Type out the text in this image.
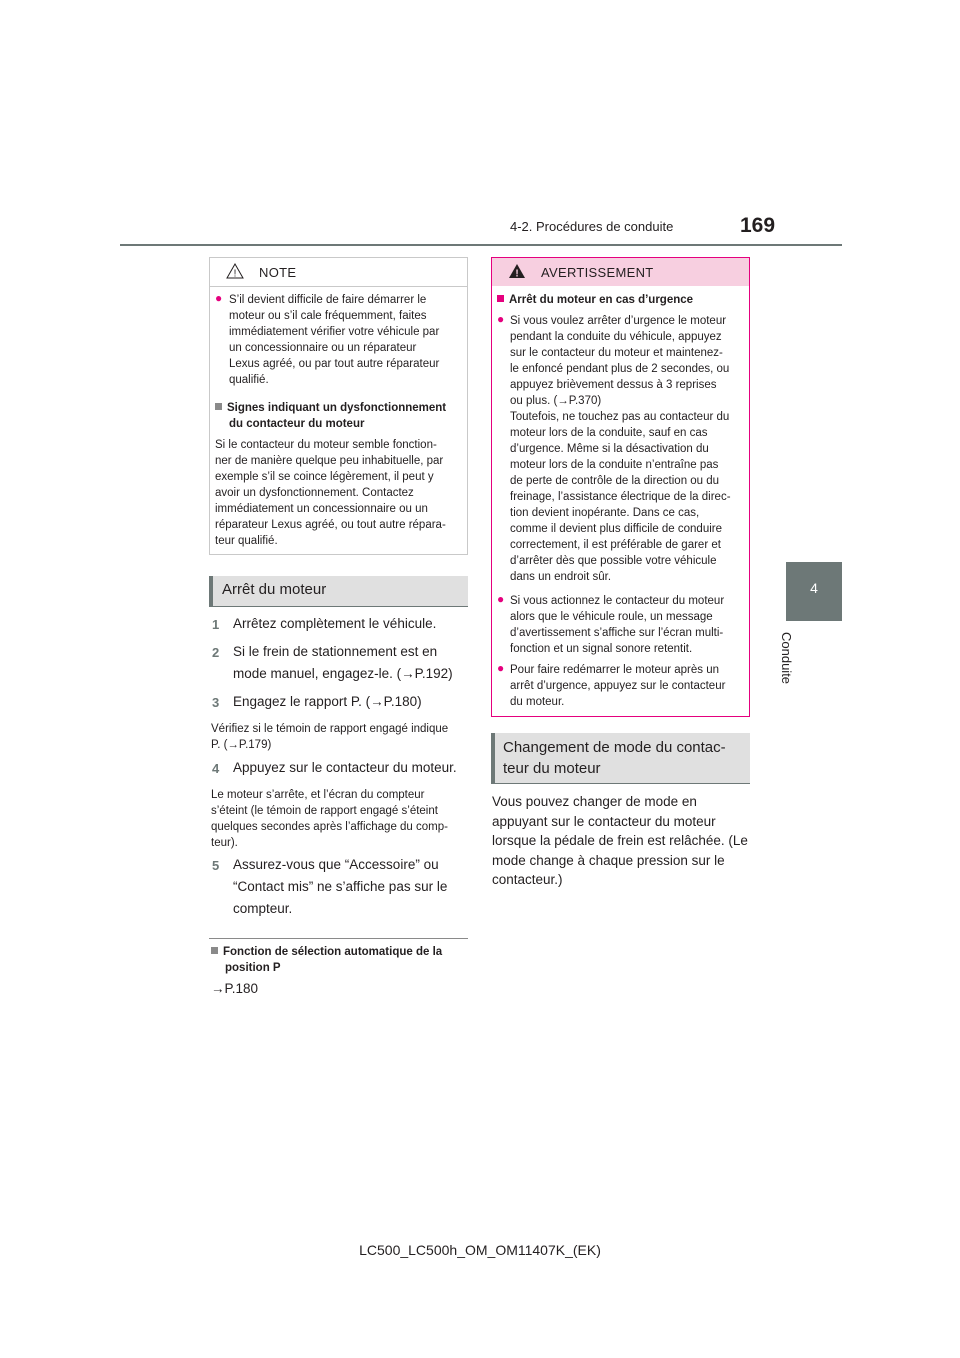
4-2. Procédures de conduite	169
4
Conduite
! NOTE
● S’il devient difficile de faire démarrer le
moteur ou s’il cale fréquemment, faites
immédiatement vérifier votre véhicule par
un concessionnaire ou un réparateur
Lexus agréé, ou par tout autre réparateur
qualifié.
Signes indiquant un dysfonctionnement
du contacteur du moteur
Si le contacteur du moteur semble fonction-
ner de manière quelque peu inhabituelle, par
exemple s’il se coince légèrement, il peut y
avoir un dysfonctionnement. Contactez
immédiatement un concessionnaire ou un
réparateur Lexus agréé, ou tout autre répara-
teur qualifié.
Arrêt du moteur
1 Arrêtez complètement le véhicule.
2 Si le frein de stationnement est en
mode manuel, engagez-le. (→P.192)
3 Engagez le rapport P. (→P.180)
Vérifiez si le témoin de rapport engagé indique
P. (→P.179)
4 Appuyez sur le contacteur du moteur.
Le moteur s’arrête, et l’écran du compteur
s’éteint (le témoin de rapport engagé s’éteint
quelques secondes après l’affichage du comp-
teur).
5 Assurez-vous que “Accessoire” ou
“Contact mis” ne s’affiche pas sur le
compteur.
Fonction de sélection automatique de la
position P
→P.180
! AVERTISSEMENT
Arrêt du moteur en cas d’urgence
● Si vous voulez arrêter d’urgence le moteur
pendant la conduite du véhicule, appuyez
sur le contacteur du moteur et maintenez-
le enfoncé pendant plus de 2 secondes, ou
appuyez brièvement dessus à 3 reprises
ou plus. (→P.370)
Toutefois, ne touchez pas au contacteur du
moteur lors de la conduite, sauf en cas
d’urgence. Même si la désactivation du
moteur lors de la conduite n’entraîne pas
de perte de contrôle de la direction ou du
freinage, l’assistance électrique de la direc-
tion devient inopérante. Dans ce cas,
comme il devient plus difficile de conduire
correctement, il est préférable de garer et
d’arrêter dès que possible votre véhicule
dans un endroit sûr.
● Si vous actionnez le contacteur du moteur
alors que le véhicule roule, un message
d’avertissement s’affiche sur l’écran multi-
fonction et un signal sonore retentit.
● Pour faire redémarrer le moteur après un
arrêt d’urgence, appuyez sur le contacteur
du moteur.
Changement de mode du contac-
teur du moteur
Vous pouvez changer de mode en
appuyant sur le contacteur du moteur
lorsque la pédale de frein est relâchée. (Le
mode change à chaque pression sur le
contacteur.)
LC500_LC500h_OM_OM11407K_(EK)
